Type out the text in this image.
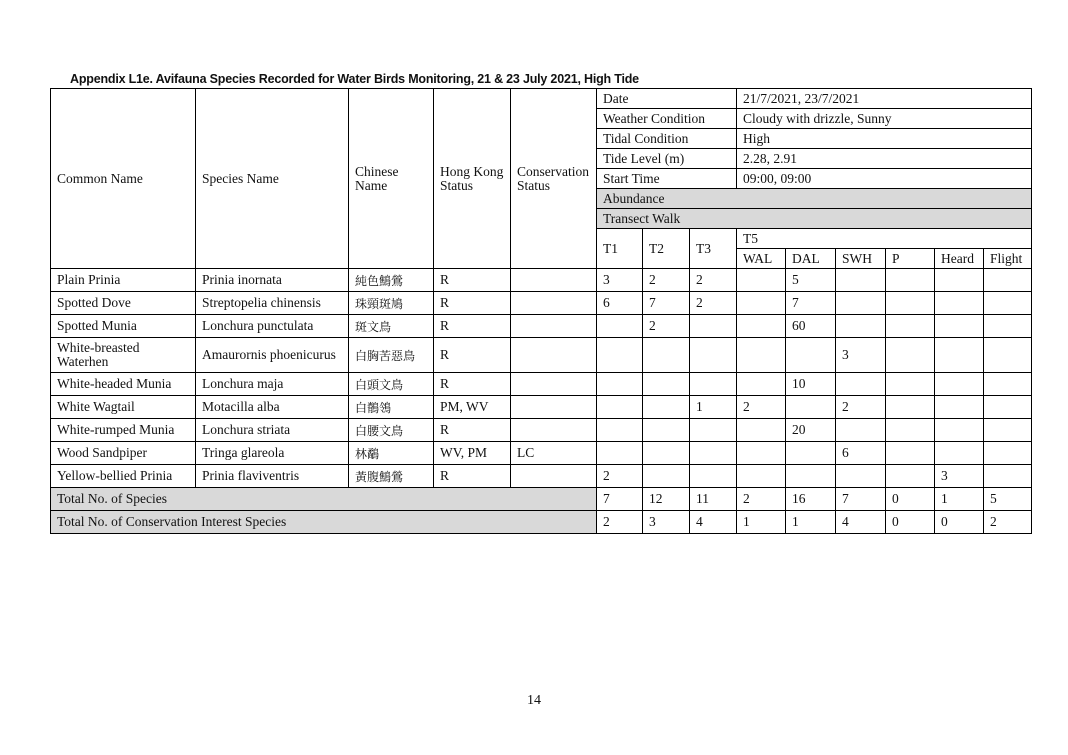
Appendix L1e. Avifauna Species Recorded for Water Birds Monitoring, 21 & 23 July 2021, High Tide
Common Name	Species Name	Chinese Name	Hong Kong Status	Conservation Status	Date			21/7/2021, 23/7/2021					
					Weather Condition			Cloudy with drizzle, Sunny					
					Tidal Condition			High					
					Tide Level (m)			2.28, 2.91					
					Start Time			09:00, 09:00					
					Abundance								
					Transect Walk								
					T1	T2	T3	T5					
								WAL	DAL	SWH	P	Heard	Flight
Plain Prinia	Prinia inornata	純色鷦鶯	R		3	2	2		5				
Spotted Dove	Streptopelia chinensis	珠頸斑鳩	R		6	7	2		7				
Spotted Munia	Lonchura punctulata	斑文鳥	R			2			60				
White-breasted Waterhen	Amaurornis phoenicurus	白胸苦惡鳥	R							3			
White-headed Munia	Lonchura maja	白頭文鳥	R						10				
White Wagtail	Motacilla alba	白鶺鴒	PM, WV				1	2		2			
White-rumped Munia	Lonchura striata	白腰文鳥	R						20				
Wood Sandpiper	Tringa glareola	林鷸	WV, PM	LC						6			
Yellow-bellied Prinia	Prinia flaviventris	黃腹鷦鶯	R		2							3	
Total No. of Species					7	12	11	2	16	7	0	1	5
Total No. of Conservation Interest Species					2	3	4	1	1	4	0	0	2
14
